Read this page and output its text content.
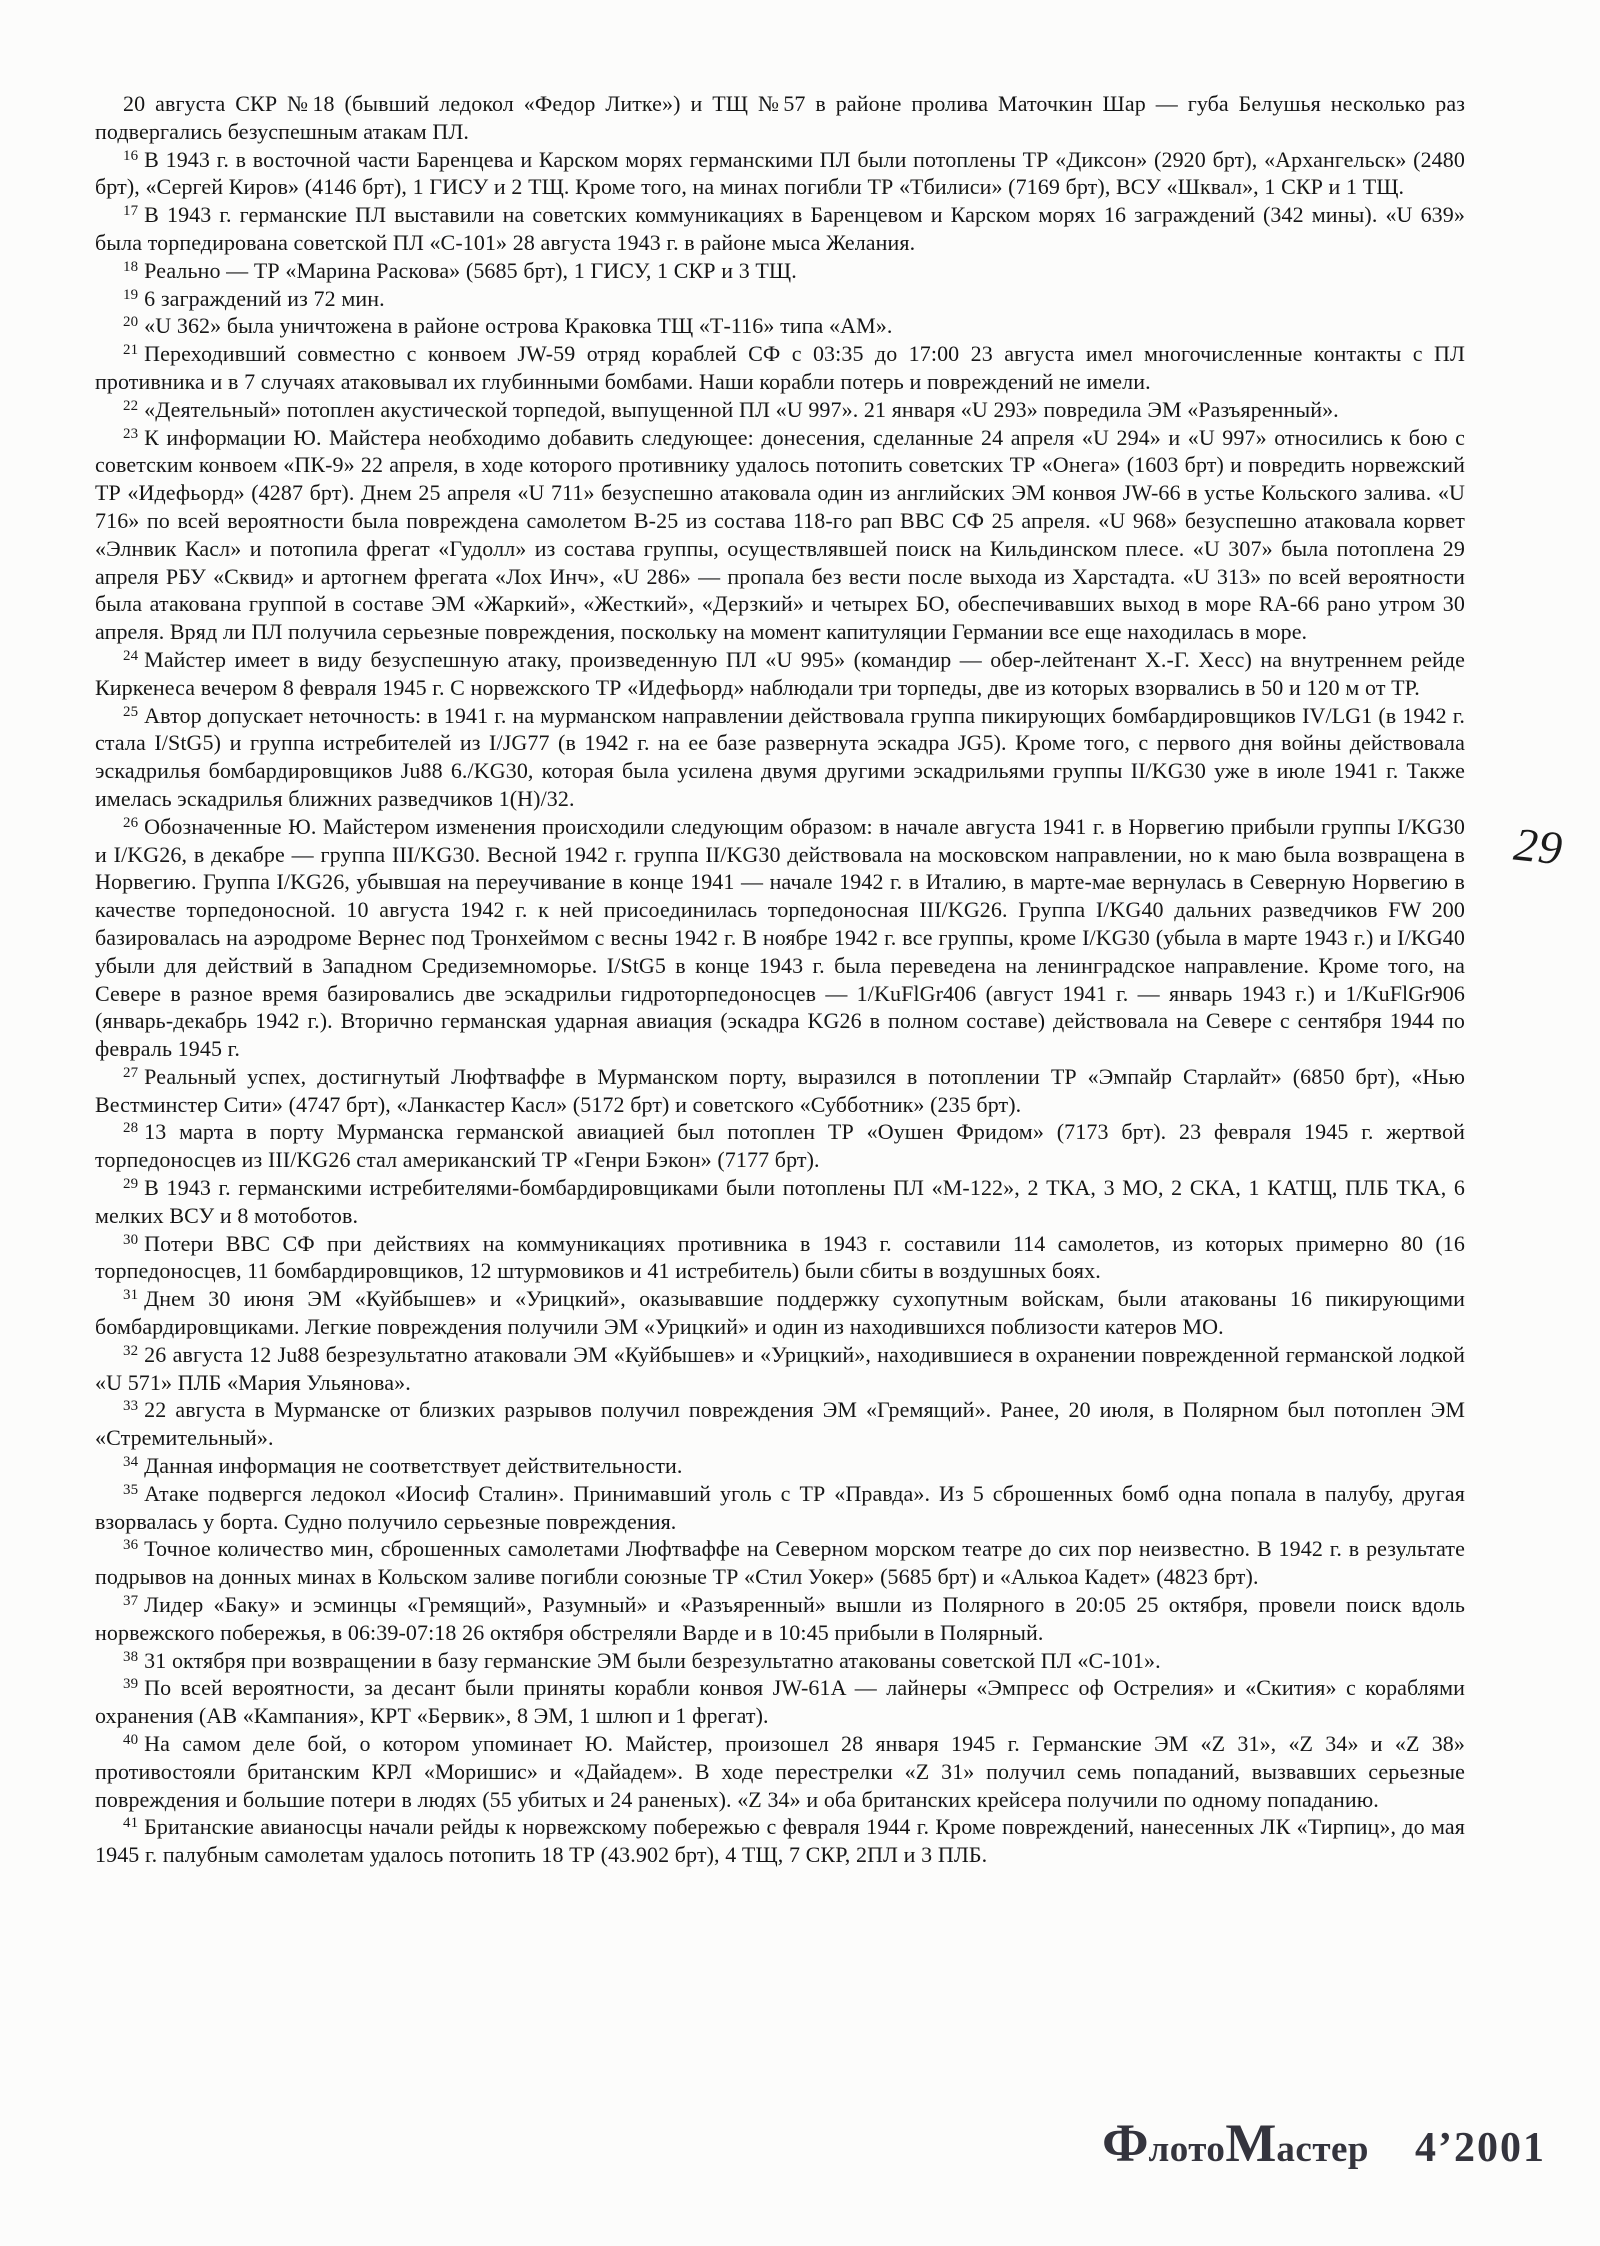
20 августа СКР №18 (бывший ледокол «Федор Литке») и ТЩ №57 в районе пролива Маточкин Шар — губа Белушья несколько раз подвергались безуспешным атакам ПЛ.

$^{16}$ В 1943 г. в восточной части Баренцева и Карском морях германскими ПЛ были потоплены ТР «Диксон» (2920 брт), «Архангельск» (2480 брт), «Сергей Киров» (4146 брт), 1 ГИСУ и 2 ТЩ. Кроме того, на минах погибли ТР «Тбилиси» (7169 брт), ВСУ «Шквал», 1 СКР и 1 ТЩ.

$^{17}$ В 1943 г. германские ПЛ выставили на советских коммуникациях в Баренцевом и Карском морях 16 заграждений (342 мины). «U 639» была торпедирована советской ПЛ «С-101» 28 августа 1943 г. в районе мыса Желания.

$^{18}$ Реально — ТР «Марина Раскова» (5685 брт), 1 ГИСУ, 1 СКР и 3 ТЩ.

$^{19}$ 6 заграждений из 72 мин.

$^{20}$ «U 362» была уничтожена в районе острова Краковка ТЩ «Т-116» типа «АМ».

$^{21}$ Переходивший совместно с конвоем JW-59 отряд кораблей СФ с 03:35 до 17:00 23 августа имел многочисленные контакты с ПЛ противника и в 7 случаях атаковывал их глубинными бомбами. Наши корабли потерь и повреждений не имели.

$^{22}$ «Деятельный» потоплен акустической торпедой, выпущенной ПЛ «U 997». 21 января «U 293» повредила ЭМ «Разъяренный».

$^{23}$ К информации Ю. Майстера необходимо добавить следующее: донесения, сделанные 24 апреля «U 294» и «U 997» относились к бою с советским конвоем «ПК-9» 22 апреля, в ходе которого противнику удалось потопить советских ТР «Онега» (1603 брт) и повредить норвежский ТР «Идефьорд» (4287 брт). Днем 25 апреля «U 711» безуспешно атаковала один из английских ЭМ конвоя JW-66 в устье Кольского залива. «U 716» по всей вероятности была повреждена самолетом В-25 из состава 118-го рап ВВС СФ 25 апреля. «U 968» безуспешно атаковала корвет «Элнвик Касл» и потопила фрегат «Гудолл» из состава группы, осуществлявшей поиск на Кильдинском плесе. «U 307» была потоплена 29 апреля РБУ «Сквид» и артогнем фрегата «Лох Инч», «U 286» — пропала без вести после выхода из Харстадта. «U 313» по всей вероятности была атакована группой в составе ЭМ «Жаркий», «Жесткий», «Дерзкий» и четырех БО, обеспечивавших выход в море RA-66 рано утром 30 апреля. Вряд ли ПЛ получила серьезные повреждения, поскольку на момент капитуляции Германии все еще находилась в море.

$^{24}$ Майстер имеет в виду безуспешную атаку, произведенную ПЛ «U 995» (командир — обер-лейтенант Х.-Г. Хесс) на внутреннем рейде Киркенеса вечером 8 февраля 1945 г. С норвежского ТР «Идефьорд» наблюдали три торпеды, две из которых взорвались в 50 и 120 м от ТР.

$^{25}$ Автор допускает неточность: в 1941 г. на мурманском направлении действовала группа пикирующих бомбардировщиков IV/LG1 (в 1942 г. стала I/StG5) и группа истребителей из I/JG77 (в 1942 г. на ее базе развернута эскадра JG5). Кроме того, с первого дня войны действовала эскадрилья бомбардировщиков Ju88 6./KG30, которая была усилена двумя другими эскадрильями группы II/KG30 уже в июле 1941 г. Также имелась эскадрилья ближних разведчиков 1(H)/32.

$^{26}$ Обозначенные Ю. Майстером изменения происходили следующим образом: в начале августа 1941 г. в Норвегию прибыли группы I/KG30 и I/KG26, в декабре — группа III/KG30. Весной 1942 г. группа II/KG30 действовала на московском направлении, но к маю была возвращена в Норвегию. Группа I/KG26, убывшая на переучивание в конце 1941 — начале 1942 г. в Италию, в марте-мае вернулась в Северную Норвегию в качестве торпедоносной. 10 августа 1942 г. к ней присоединилась торпедоносная III/KG26. Группа I/KG40 дальних разведчиков FW 200 базировалась на аэродроме Вернес под Тронхеймом с весны 1942 г. В ноябре 1942 г. все группы, кроме I/KG30 (убыла в марте 1943 г.) и I/KG40 убыли для действий в Западном Средиземноморье. I/StG5 в конце 1943 г. была переведена на ленинградское направление. Кроме того, на Севере в разное время базировались две эскадрильи гидроторпедоносцев — 1/KuFlGr406 (август 1941 г. — январь 1943 г.) и 1/KuFlGr906 (январь-декабрь 1942 г.). Вторично германская ударная авиация (эскадра KG26 в полном составе) действовала на Севере с сентября 1944 по февраль 1945 г.

$^{27}$ Реальный успех, достигнутый Люфтваффе в Мурманском порту, выразился в потоплении ТР «Эмпайр Старлайт» (6850 брт), «Нью Вестминстер Сити» (4747 брт), «Ланкастер Касл» (5172 брт) и советского «Субботник» (235 брт).

$^{28}$ 13 марта в порту Мурманска германской авиацией был потоплен ТР «Оушен Фридом» (7173 брт). 23 февраля 1945 г. жертвой торпедоносцев из III/KG26 стал американский ТР «Генри Бэкон» (7177 брт).

$^{29}$ В 1943 г. германскими истребителями-бомбардировщиками были потоплены ПЛ «М-122», 2 ТКА, 3 МО, 2 СКА, 1 КАТЩ, ПЛБ ТКА, 6 мелких ВСУ и 8 мотоботов.

$^{30}$ Потери ВВС СФ при действиях на коммуникациях противника в 1943 г. составили 114 самолетов, из которых примерно 80 (16 торпедоносцев, 11 бомбардировщиков, 12 штурмовиков и 41 истребитель) были сбиты в воздушных боях.

$^{31}$ Днем 30 июня ЭМ «Куйбышев» и «Урицкий», оказывавшие поддержку сухопутным войскам, были атакованы 16 пикирующими бомбардировщиками. Легкие повреждения получили ЭМ «Урицкий» и один из находившихся поблизости катеров МО.

$^{32}$ 26 августа 12 Ju88 безрезультатно атаковали ЭМ «Куйбышев» и «Урицкий», находившиеся в охранении поврежденной германской лодкой «U 571» ПЛБ «Мария Ульянова».

$^{33}$ 22 августа в Мурманске от близких разрывов получил повреждения ЭМ «Гремящий». Ранее, 20 июля, в Полярном был потоплен ЭМ «Стремительный».

$^{34}$ Данная информация не соответствует действительности.

$^{35}$ Атаке подвергся ледокол «Иосиф Сталин». Принимавший уголь с ТР «Правда». Из 5 сброшенных бомб одна попала в палубу, другая взорвалась у борта. Судно получило серьезные повреждения.

$^{36}$ Точное количество мин, сброшенных самолетами Люфтваффе на Северном морском театре до сих пор неизвестно. В 1942 г. в результате подрывов на донных минах в Кольском заливе погибли союзные ТР «Стил Уокер» (5685 брт) и «Алькоа Кадет» (4823 брт).

$^{37}$ Лидер «Баку» и эсминцы «Гремящий», Разумный» и «Разъяренный» вышли из Полярного в 20:05 25 октября, провели поиск вдоль норвежского побережья, в 06:39-07:18 26 октября обстреляли Варде и в 10:45 прибыли в Полярный.

$^{38}$ 31 октября при возвращении в базу германские ЭМ были безрезультатно атакованы советской ПЛ «С-101».

$^{39}$ По всей вероятности, за десант были приняты корабли конвоя JW-61A — лайнеры «Эмпресс оф Острелия» и «Скития» с кораблями охранения (АВ «Кампания», КРТ «Бервик», 8 ЭМ, 1 шлюп и 1 фрегат).

$^{40}$ На самом деле бой, о котором упоминает Ю. Майстер, произошел 28 января 1945 г. Германские ЭМ «Z 31», «Z 34» и «Z 38» противостояли британским КРЛ «Моришис» и «Дайадем». В ходе перестрелки «Z 31» получил семь попаданий, вызвавших серьезные повреждения и большие потери в людях (55 убитых и 24 раненых). «Z 34» и оба британских крейсера получили по одному попаданию.

$^{41}$ Британские авианосцы начали рейды к норвежскому побережью с февраля 1944 г. Кроме повреждений, нанесенных ЛК «Тирпиц», до мая 1945 г. палубным самолетам удалось потопить 18 ТР (43.902 брт), 4 ТЩ, 7 СКР, 2ПЛ и 3 ПЛБ.

29
ФлотоМастер 4’2001
